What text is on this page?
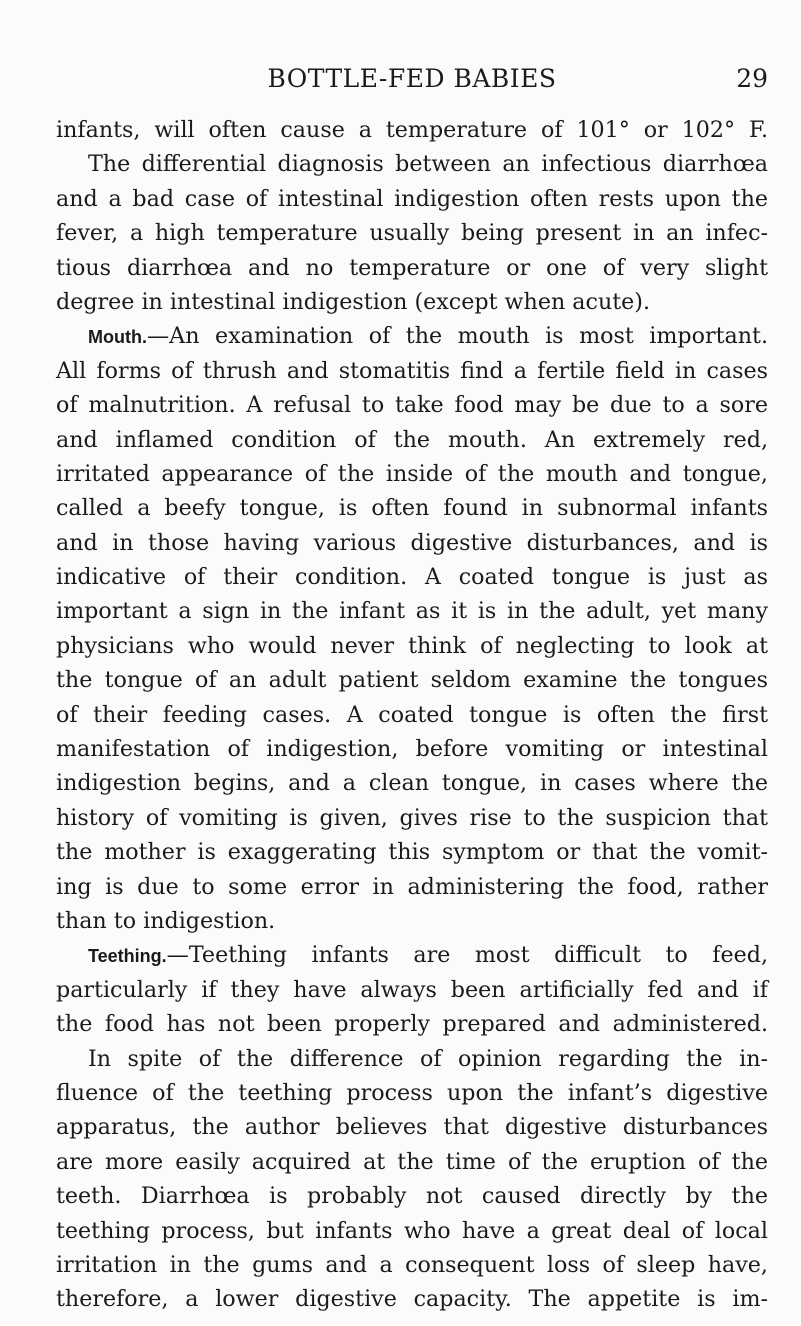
BOTTLE-FED BABIES	29
infants, will often cause a temperature of 101° or 102° F.
The differential diagnosis between an infectious diarrhœa
and a bad case of intestinal indigestion often rests upon the
fever, a high temperature usually being present in an infec-
tious diarrhœa and no temperature or one of very slight
degree in intestinal indigestion (except when acute).
Mouth.—An examination of the mouth is most important.
All forms of thrush and stomatitis find a fertile field in cases
of malnutrition. A refusal to take food may be due to a sore
and inflamed condition of the mouth. An extremely red,
irritated appearance of the inside of the mouth and tongue,
called a beefy tongue, is often found in subnormal infants
and in those having various digestive disturbances, and is
indicative of their condition. A coated tongue is just as
important a sign in the infant as it is in the adult, yet many
physicians who would never think of neglecting to look at
the tongue of an adult patient seldom examine the tongues
of their feeding cases. A coated tongue is often the first
manifestation of indigestion, before vomiting or intestinal
indigestion begins, and a clean tongue, in cases where the
history of vomiting is given, gives rise to the suspicion that
the mother is exaggerating this symptom or that the vomit-
ing is due to some error in administering the food, rather
than to indigestion.
Teething.—Teething infants are most difficult to feed,
particularly if they have always been artificially fed and if
the food has not been properly prepared and administered.
In spite of the difference of opinion regarding the in-
fluence of the teething process upon the infant’s digestive
apparatus, the author believes that digestive disturbances
are more easily acquired at the time of the eruption of the
teeth. Diarrhœa is probably not caused directly by the
teething process, but infants who have a great deal of local
irritation in the gums and a consequent loss of sleep have,
therefore, a lower digestive capacity. The appetite is im-
